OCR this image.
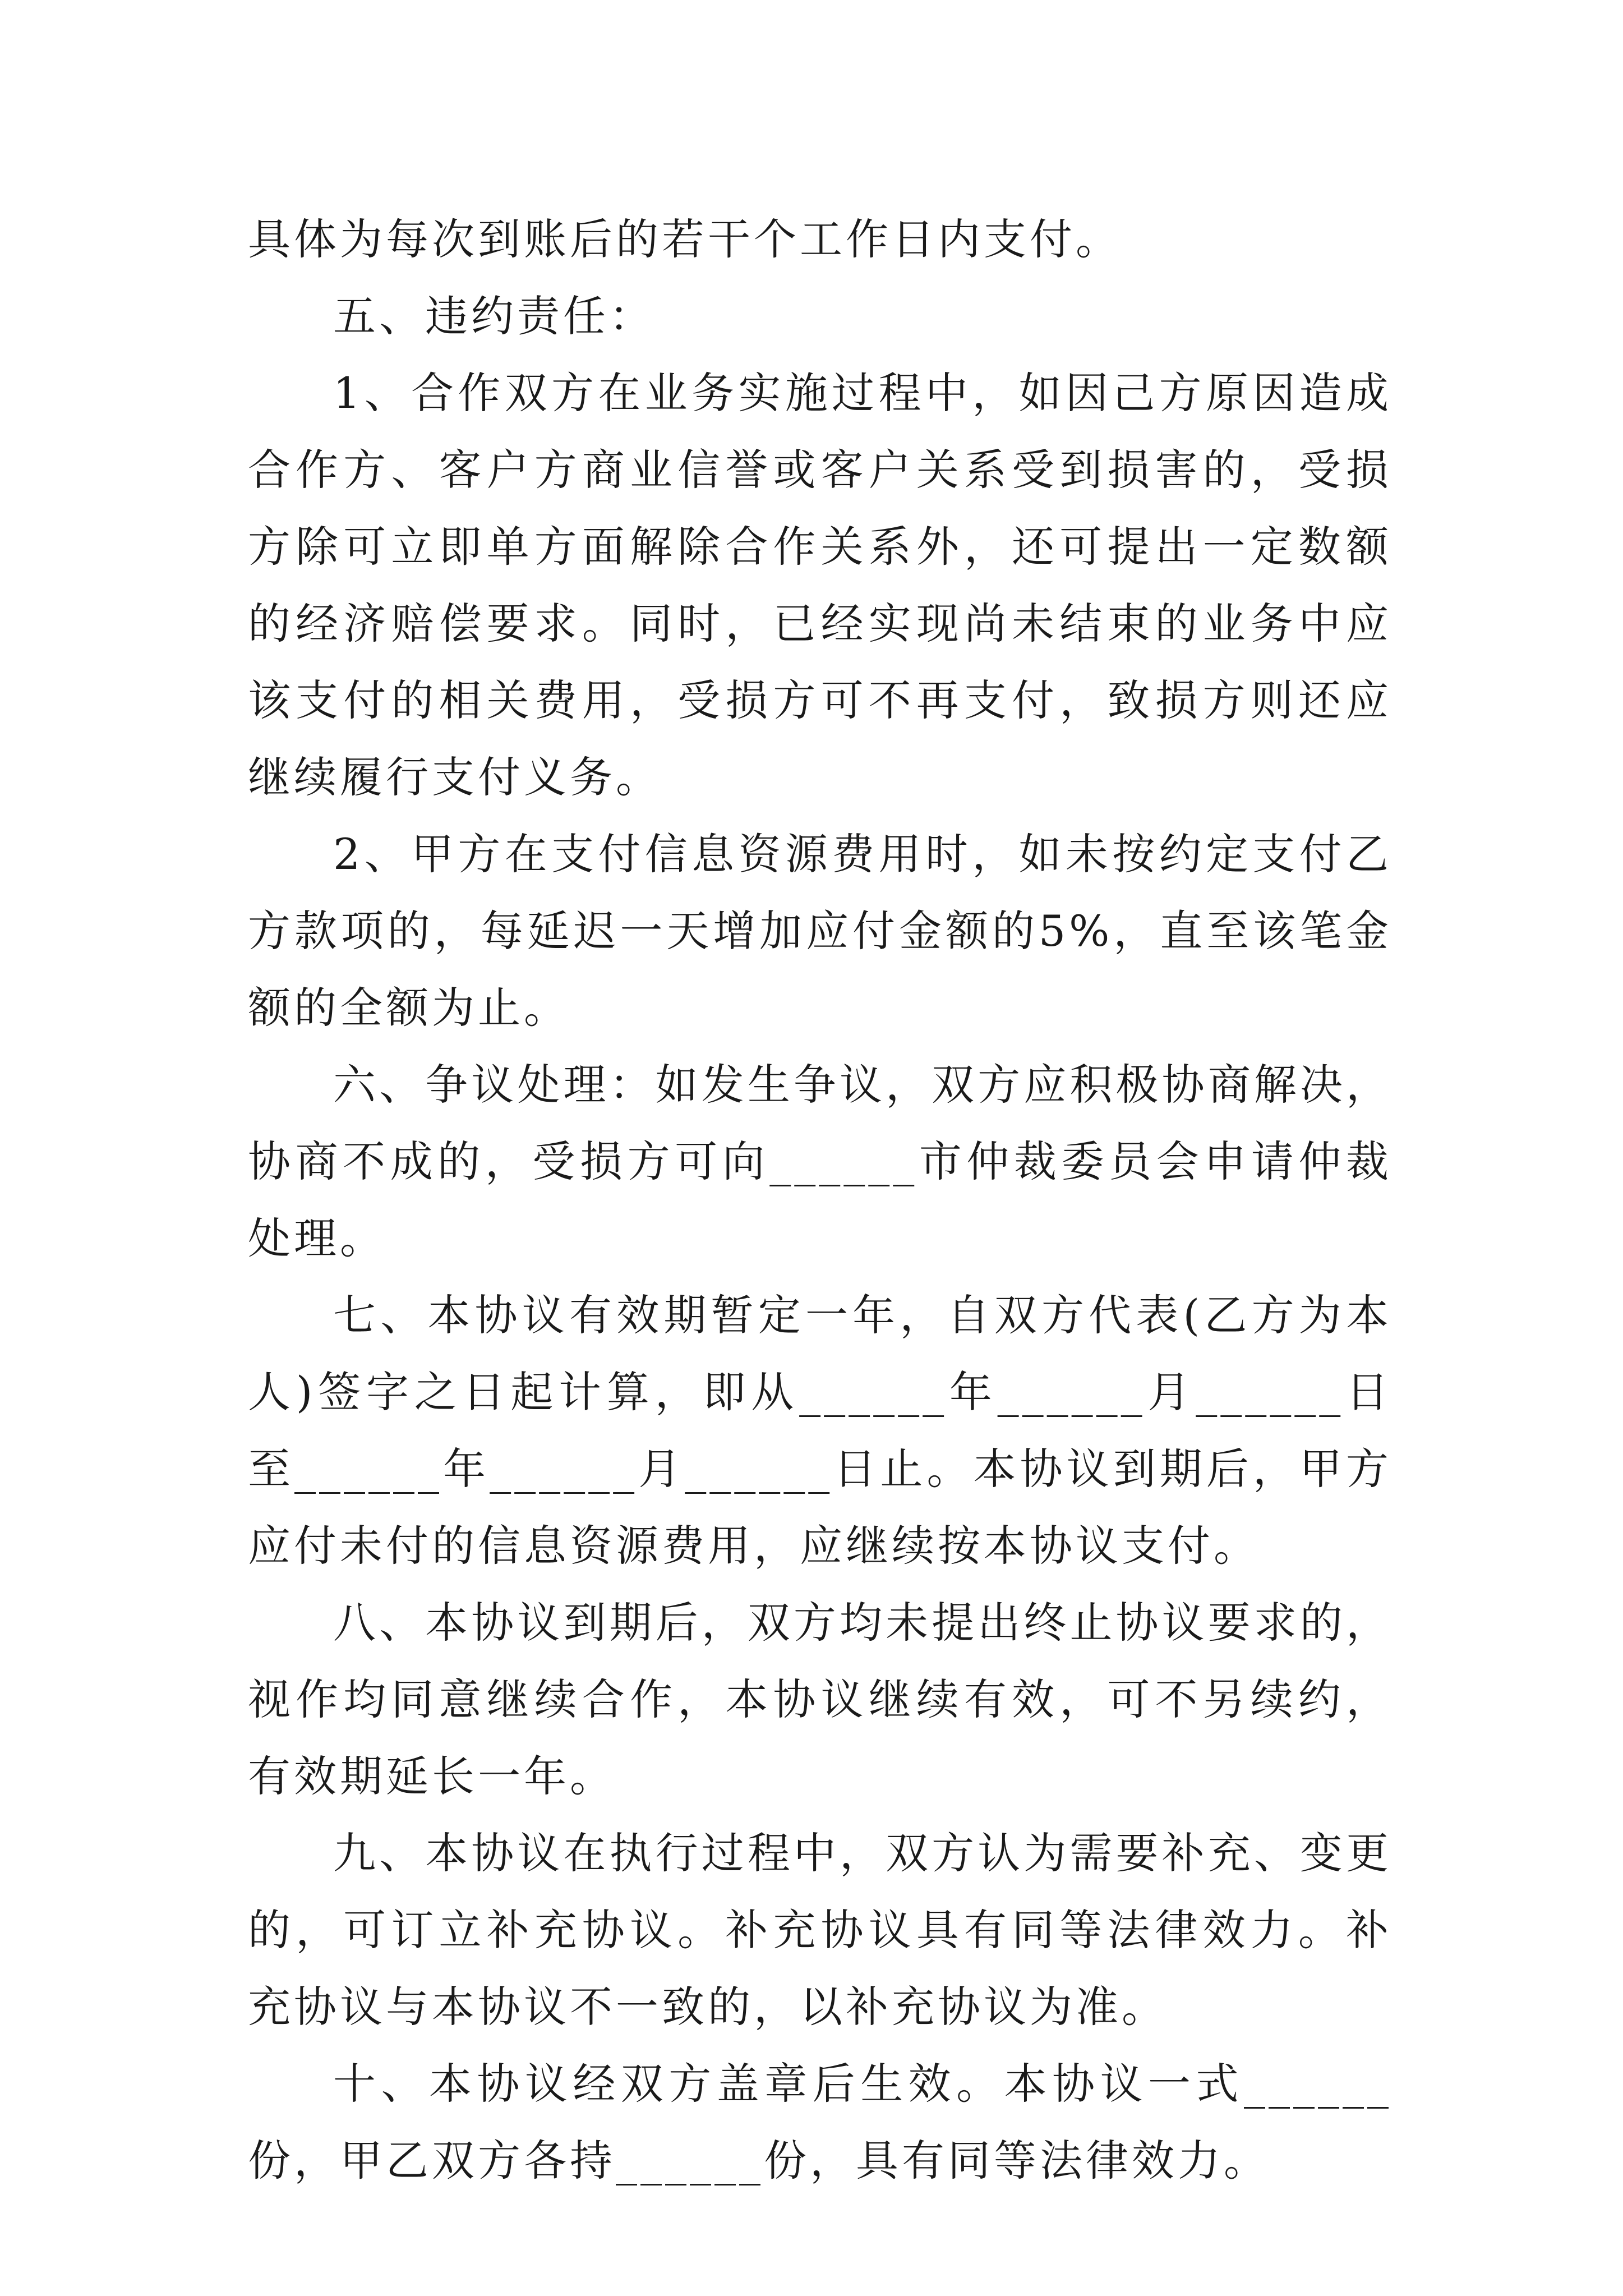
具体为每次到账后的若干个工作日内支付。

五、违约责任：

1、合作双方在业务实施过程中，如因己方原因造成合作方、客户方商业信誉或客户关系受到损害的，受损方除可立即单方面解除合作关系外，还可提出一定数额的经济赔偿要求。同时，已经实现尚未结束的业务中应该支付的相关费用，受损方可不再支付，致损方则还应继续履行支付义务。

2、甲方在支付信息资源费用时，如未按约定支付乙方款项的，每延迟一天增加应付金额的5%，直至该笔金额的全额为止。

六、争议处理：如发生争议，双方应积极协商解决，协商不成的，受损方可向______市仲裁委员会申请仲裁处理。

七、本协议有效期暂定一年，自双方代表(乙方为本人)签字之日起计算，即从______年______月______日至______年______月______日止。本协议到期后，甲方应付未付的信息资源费用，应继续按本协议支付。

八、本协议到期后，双方均未提出终止协议要求的，视作均同意继续合作，本协议继续有效，可不另续约，有效期延长一年。

九、本协议在执行过程中，双方认为需要补充、变更的，可订立补充协议。补充协议具有同等法律效力。补充协议与本协议不一致的，以补充协议为准。

十、本协议经双方盖章后生效。本协议一式______份，甲乙双方各持______份，具有同等法律效力。
